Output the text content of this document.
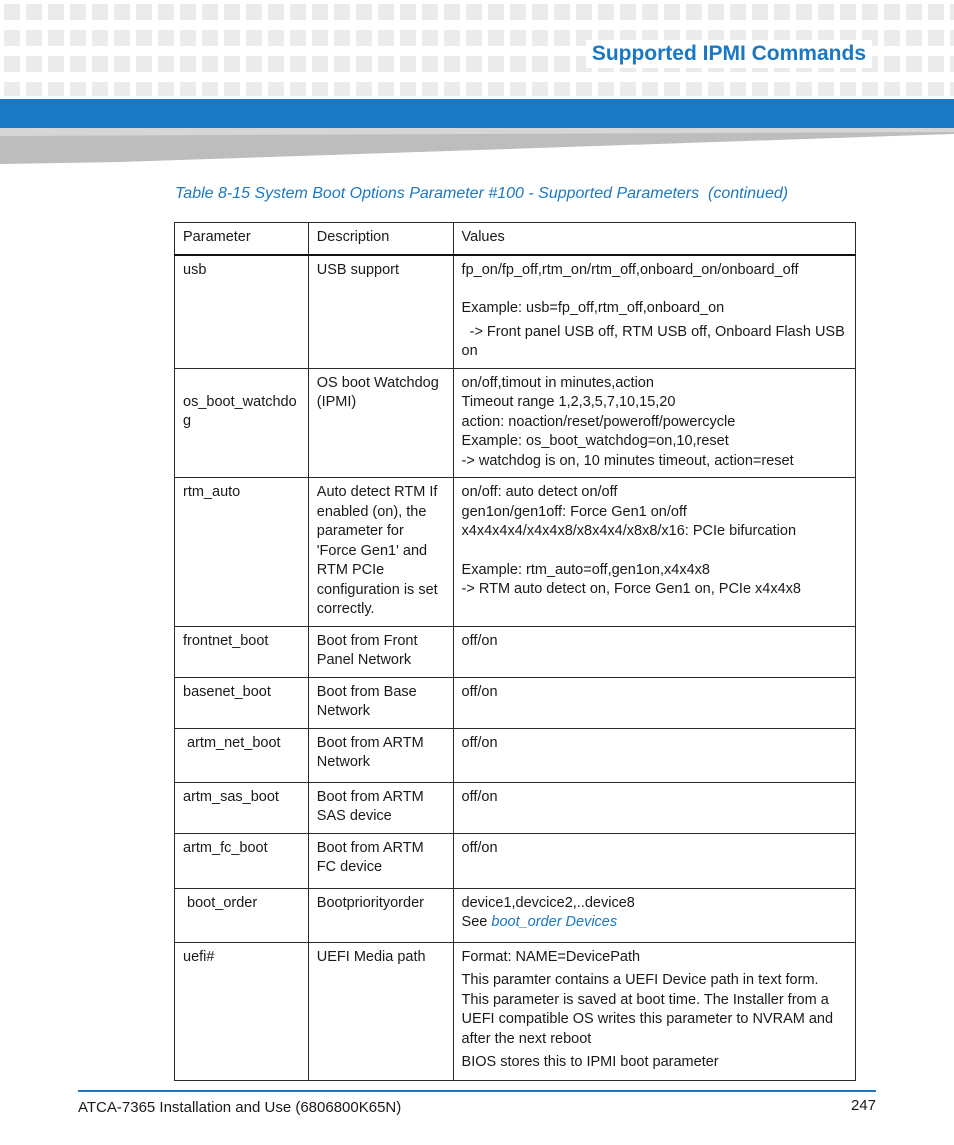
Supported IPMI Commands
Table 8-15 System Boot Options Parameter #100 - Supported Parameters  (continued)
Parameter	Description	Values
usb	USB support	fp_on/fp_off,rtm_on/rtm_off,onboard_on/onboard_off
Example: usb=fp_off,rtm_off,onboard_on
-> Front panel USB off, RTM USB off, Onboard Flash USB on

os_boot_watchdog	OS boot Watchdog    (IPMI)	on/off,timout in minutes,action
Timeout range 1,2,3,5,7,10,15,20
action: noaction/reset/poweroff/powercycle
Example: os_boot_watchdog=on,10,reset
-> watchdog is on, 10 minutes timeout, action=reset

rtm_auto	Auto detect RTM If enabled (on), the parameter for 'Force Gen1' and RTM PCIe configuration is set correctly.	on/off: auto detect on/off
gen1on/gen1off: Force Gen1 on/off
x4x4x4x4/x4x4x8/x8x4x4/x8x8/x16: PCIe bifurcation
Example: rtm_auto=off,gen1on,x4x4x8
-> RTM auto detect on, Force Gen1 on, PCIe x4x4x8

frontnet_boot	Boot from Front Panel Network	off/on
basenet_boot	Boot from Base Network	off/on
artm_net_boot	Boot from ARTM Network	off/on
artm_sas_boot	Boot from ARTM SAS device	off/on
artm_fc_boot	Boot from ARTM FC device	off/on
boot_order	Bootpriorityorder	device1,devcice2,..device8
See boot_order Devices

uefi#	UEFI Media path	Format: NAME=DevicePath
This paramter contains a UEFI Device path in text form. This parameter is saved at boot time. The Installer from a UEFI compatible OS writes this parameter to NVRAM and after the next reboot
BIOS stores this to IPMI boot parameter
ATCA-7365 Installation and Use (6806800K65N)	247
